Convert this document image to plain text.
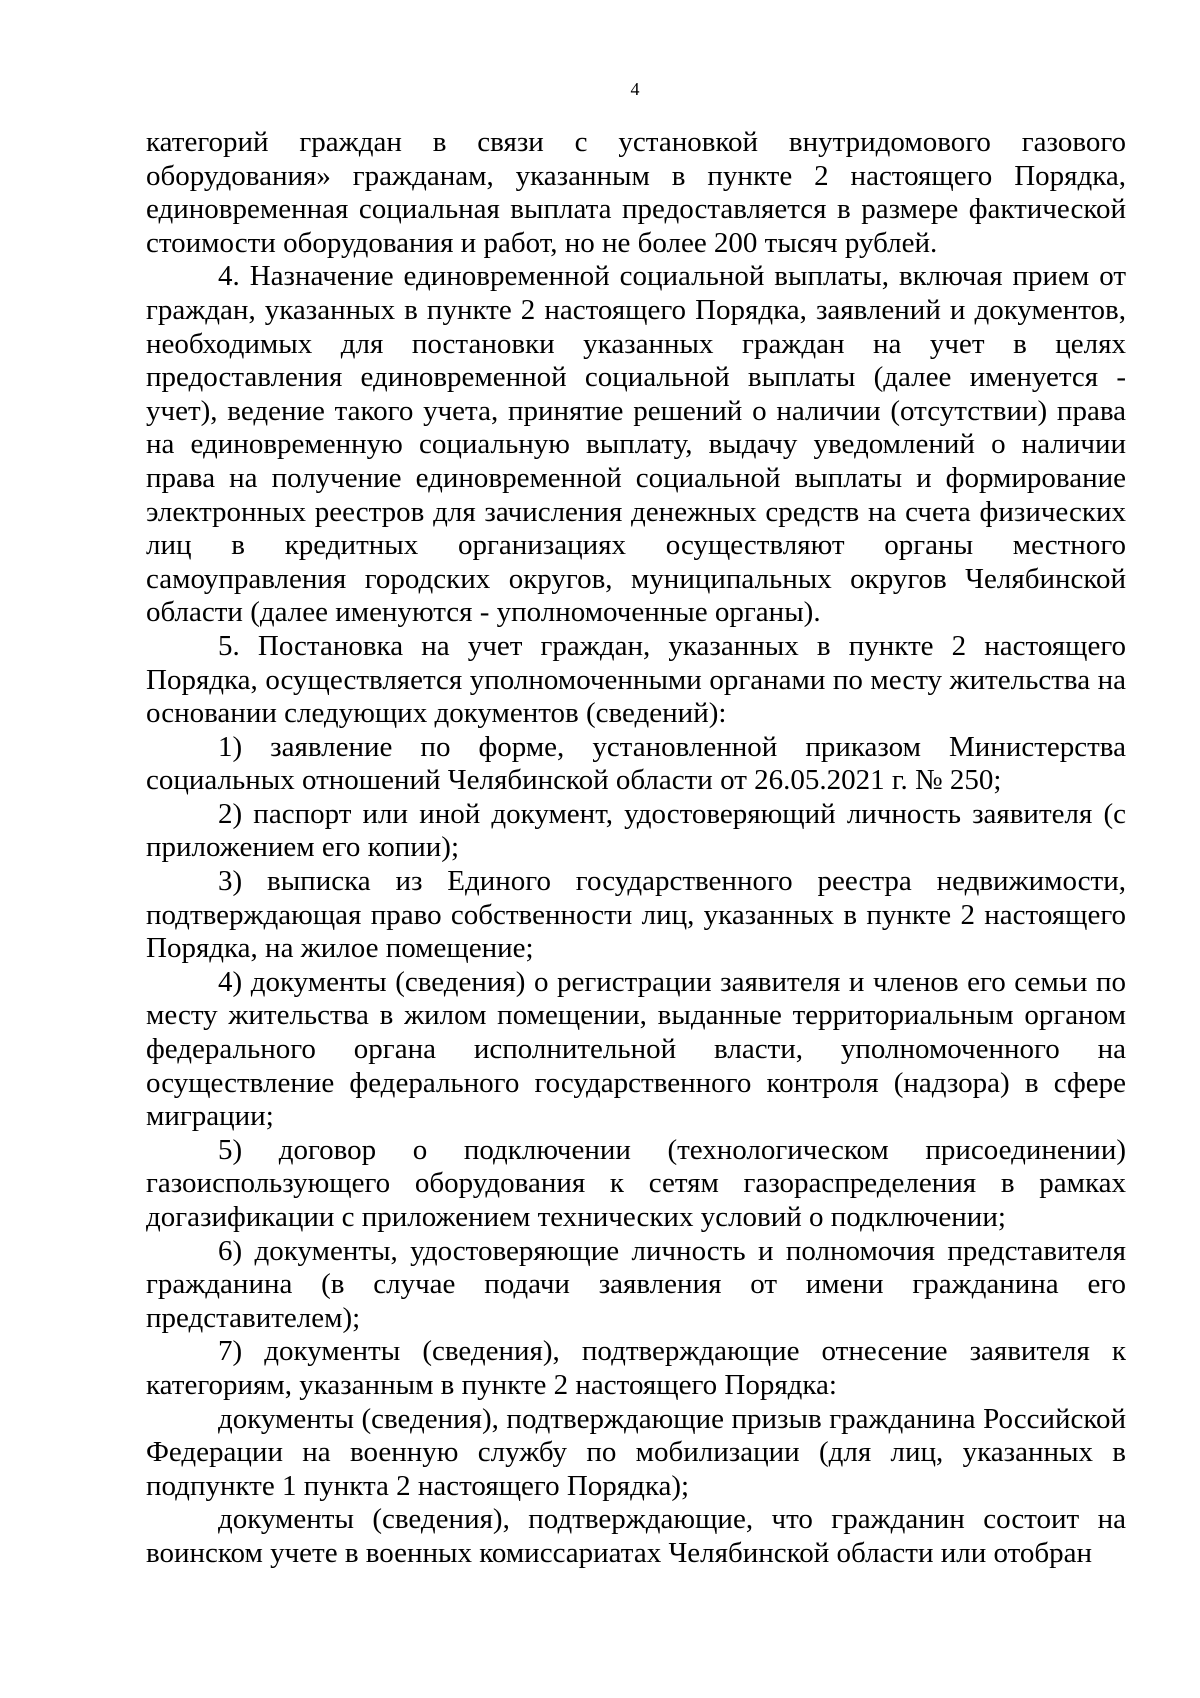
4

категорий граждан в связи с установкой внутридомового газового оборудования» гражданам, указанным в пункте 2 настоящего Порядка, единовременная социальная выплата предоставляется в размере фактической стоимости оборудования и работ, но не более 200 тысяч рублей.

4. Назначение единовременной социальной выплаты, включая прием от граждан, указанных в пункте 2 настоящего Порядка, заявлений и документов, необходимых для постановки указанных граждан на учет в целях предоставления единовременной социальной выплаты (далее именуется - учет), ведение такого учета, принятие решений о наличии (отсутствии) права на единовременную социальную выплату, выдачу уведомлений о наличии права на получение единовременной социальной выплаты и формирование электронных реестров для зачисления денежных средств на счета физических лиц в кредитных организациях осуществляют органы местного самоуправления городских округов, муниципальных округов Челябинской области (далее именуются - уполномоченные органы).

5. Постановка на учет граждан, указанных в пункте 2 настоящего Порядка, осуществляется уполномоченными органами по месту жительства на основании следующих документов (сведений):

1) заявление по форме, установленной приказом Министерства социальных отношений Челябинской области от 26.05.2021 г. № 250;

2) паспорт или иной документ, удостоверяющий личность заявителя (с приложением его копии);

3) выписка из Единого государственного реестра недвижимости, подтверждающая право собственности лиц, указанных в пункте 2 настоящего Порядка, на жилое помещение;

4) документы (сведения) о регистрации заявителя и членов его семьи по месту жительства в жилом помещении, выданные территориальным органом федерального органа исполнительной власти, уполномоченного на осуществление федерального государственного контроля (надзора) в сфере миграции;

5) договор о подключении (технологическом присоединении) газоиспользующего оборудования к сетям газораспределения в рамках догазификации с приложением технических условий о подключении;

6) документы, удостоверяющие личность и полномочия представителя гражданина (в случае подачи заявления от имени гражданина его представителем);

7) документы (сведения), подтверждающие отнесение заявителя к категориям, указанным в пункте 2 настоящего Порядка:

документы (сведения), подтверждающие призыв гражданина Российской Федерации на военную службу по мобилизации (для лиц, указанных в подпункте 1 пункта 2 настоящего Порядка);

документы (сведения), подтверждающие, что гражданин состоит на воинском учете в военных комиссариатах Челябинской области или отобран
